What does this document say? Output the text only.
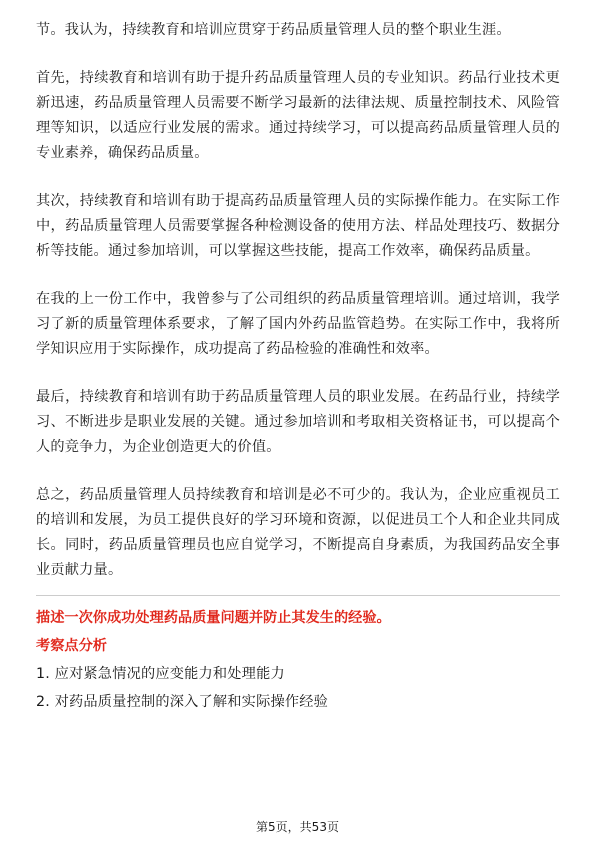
节。我认为，持续教育和培训应贯穿于药品质量管理人员的整个职业生涯。

首先，持续教育和培训有助于提升药品质量管理人员的专业知识。药品行业技术更新迅速，药品质量管理人员需要不断学习最新的法律法规、质量控制技术、风险管理等知识，以适应行业发展的需求。通过持续学习，可以提高药品质量管理人员的专业素养，确保药品质量。

其次，持续教育和培训有助于提高药品质量管理人员的实际操作能力。在实际工作中，药品质量管理人员需要掌握各种检测设备的使用方法、样品处理技巧、数据分析等技能。通过参加培训，可以掌握这些技能，提高工作效率，确保药品质量。

在我的上一份工作中，我曾参与了公司组织的药品质量管理培训。通过培训，我学习了新的质量管理体系要求，了解了国内外药品监管趋势。在实际工作中，我将所学知识应用于实际操作，成功提高了药品检验的准确性和效率。

最后，持续教育和培训有助于药品质量管理人员的职业发展。在药品行业，持续学习、不断进步是职业发展的关键。通过参加培训和考取相关资格证书，可以提高个人的竞争力，为企业创造更大的价值。

总之，药品质量管理人员持续教育和培训是必不可少的。我认为，企业应重视员工的培训和发展，为员工提供良好的学习环境和资源，以促进员工个人和企业共同成长。同时，药品质量管理员也应自觉学习，不断提高自身素质，为我国药品安全事业贡献力量。

描述一次你成功处理药品质量问题并防止其发生的经验。
考察点分析
1. 应对紧急情况的应变能力和处理能力
2. 对药品质量控制的深入了解和实际操作经验
第5页，共53页
